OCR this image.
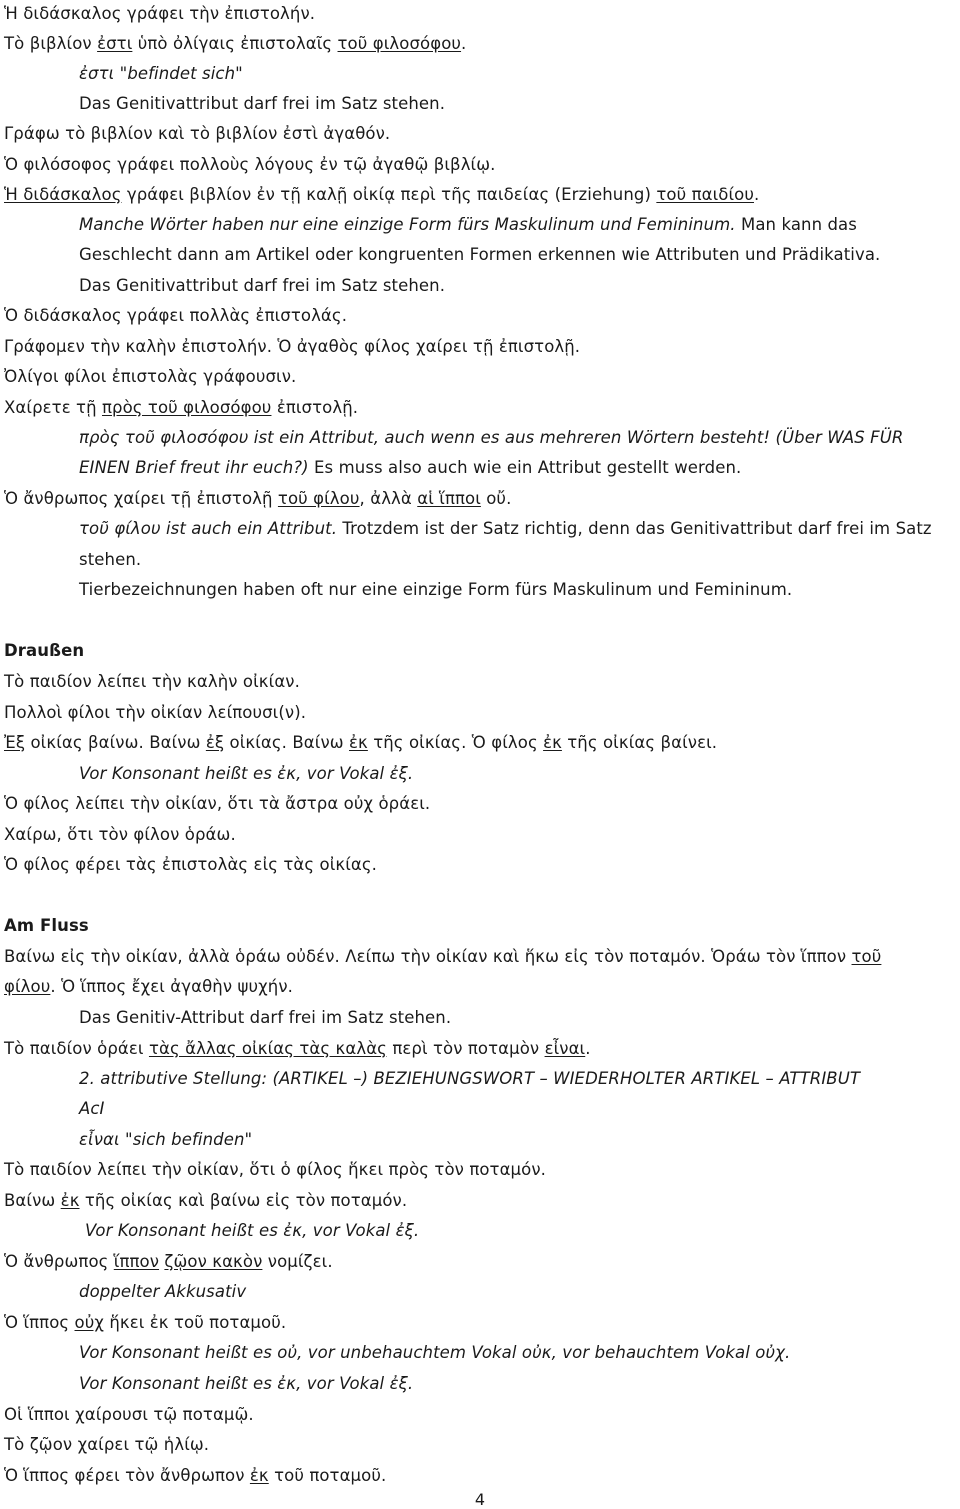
Ἡ διδάσκαλος γράφει τὴν ἐπιστολήν.
Τὸ βιβλίον ἐστι ὑπὸ ὀλίγαις ἐπιστολαῖς τοῦ φιλοσόφου.
ἐστι "befindet sich"
Das Genitivattribut darf frei im Satz stehen.
Γράφω τὸ βιβλίον καὶ τὸ βιβλίον ἐστὶ ἀγαθόν.
Ὁ φιλόσοφος γράφει πολλοὺς λόγους ἐν τῷ ἀγαθῷ βιβλίῳ.
Ἡ διδάσκαλος γράφει βιβλίον ἐν τῇ καλῇ οἰκίᾳ περὶ τῆς παιδείας (Erziehung) τοῦ παιδίου.
Manche Wörter haben nur eine einzige Form fürs Maskulinum und Femininum. Man kann das
Geschlecht dann am Artikel oder kongruenten Formen erkennen wie Attributen und Prädikativa.
Das Genitivattribut darf frei im Satz stehen.
Ὁ διδάσκαλος γράφει πολλὰς ἐπιστολάς.
Γράφομεν τὴν καλὴν ἐπιστολήν. Ὁ ἀγαθὸς φίλος χαίρει τῇ ἐπιστολῇ.
Ὀλίγοι φίλοι ἐπιστολὰς γράφουσιν.
Χαίρετε τῇ πρὸς τοῦ φιλοσόφου ἐπιστολῇ.
πρὸς τοῦ φιλοσόφου ist ein Attribut, auch wenn es aus mehreren Wörtern besteht! (Über WAS FÜR
EINEN Brief freut ihr euch?) Es muss also auch wie ein Attribut gestellt werden.
Ὁ ἄνθρωπος χαίρει τῇ ἐπιστολῇ τοῦ φίλου, ἀλλὰ αἱ ἵπποι οὔ.
τοῦ φίλου ist auch ein Attribut. Trotzdem ist der Satz richtig, denn das Genitivattribut darf frei im Satz
stehen.
Tierbezeichnungen haben oft nur eine einzige Form fürs Maskulinum und Femininum.
Draußen
Τὸ παιδίον λείπει τὴν καλὴν οἰκίαν.
Πολλοὶ φίλοι τὴν οἰκίαν λείπουσι(ν).
Ἐξ οἰκίας βαίνω. Βαίνω ἐξ οἰκίας. Βαίνω ἐκ τῆς οἰκίας. Ὁ φίλος ἐκ τῆς οἰκίας βαίνει.
Vor Konsonant heißt es ἐκ, vor Vokal ἐξ.
Ὁ φίλος λείπει τὴν οἰκίαν, ὅτι τὰ ἄστρα οὐχ ὁράει.
Χαίρω, ὅτι τὸν φίλον ὁράω.
Ὁ φίλος φέρει τὰς ἐπιστολὰς εἰς τὰς οἰκίας.
Am Fluss
Βαίνω εἰς τὴν οἰκίαν, ἀλλὰ ὁράω οὐδέν. Λείπω τὴν οἰκίαν καὶ ἥκω εἰς τὸν ποταμόν. Ὁράω τὸν ἵππον τοῦ
φίλου. Ὁ ἵππος ἔχει ἀγαθὴν ψυχήν.
Das Genitiv-Attribut darf frei im Satz stehen.
Τὸ παιδίον ὁράει τὰς ἄλλας οἰκίας τὰς καλὰς περὶ τὸν ποταμὸν εἶναι.
2. attributive Stellung: (ARTIKEL –) BEZIEHUNGSWORT – WIEDERHOLTER ARTIKEL – ATTRIBUT
AcI
εἶναι "sich befinden"
Τὸ παιδίον λείπει τὴν οἰκίαν, ὅτι ὁ φίλος ἥκει πρὸς τὸν ποταμόν.
Βαίνω ἐκ τῆς οἰκίας καὶ βαίνω εἰς τὸν ποταμόν.
Vor Konsonant heißt es ἐκ, vor Vokal ἐξ.
Ὁ ἄνθρωπος ἵππον ζῷον κακὸν νομίζει.
doppelter Akkusativ
Ὁ ἵππος οὐχ ἥκει ἐκ τοῦ ποταμοῦ.
Vor Konsonant heißt es οὐ, vor unbehauchtem Vokal οὐκ, vor behauchtem Vokal οὐχ.
Vor Konsonant heißt es ἐκ, vor Vokal ἐξ.
Οἱ ἵπποι χαίρουσι τῷ ποταμῷ.
Τὸ ζῷον χαίρει τῷ ἡλίῳ.
Ὁ ἵππος φέρει τὸν ἄνθρωπον ἐκ τοῦ ποταμοῦ.
4
